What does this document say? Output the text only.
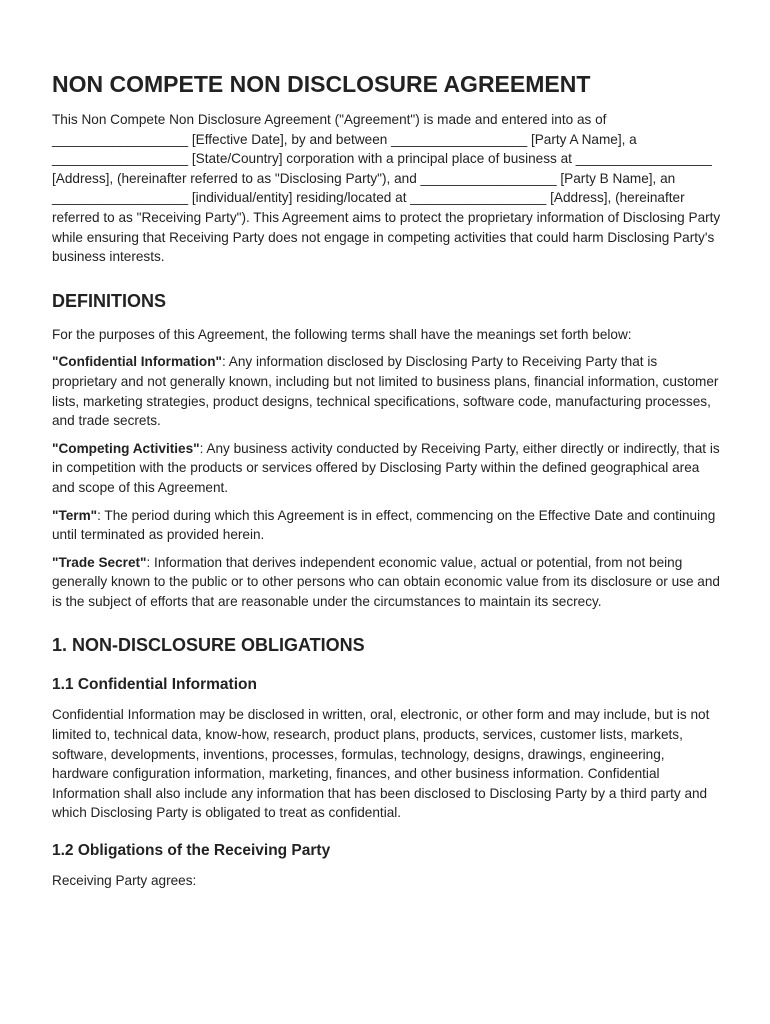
NON COMPETE NON DISCLOSURE AGREEMENT

This Non Compete Non Disclosure Agreement ("Agreement") is made and entered into as of __________________ [Effective Date], by and between __________________ [Party A Name], a __________________ [State/Country] corporation with a principal place of business at __________________ [Address], (hereinafter referred to as "Disclosing Party"), and __________________ [Party B Name], an __________________ [individual/entity] residing/located at __________________ [Address], (hereinafter referred to as "Receiving Party"). This Agreement aims to protect the proprietary information of Disclosing Party while ensuring that Receiving Party does not engage in competing activities that could harm Disclosing Party's business interests.

DEFINITIONS

For the purposes of this Agreement, the following terms shall have the meanings set forth below:

"Confidential Information": Any information disclosed by Disclosing Party to Receiving Party that is proprietary and not generally known, including but not limited to business plans, financial information, customer lists, marketing strategies, product designs, technical specifications, software code, manufacturing processes, and trade secrets.

"Competing Activities": Any business activity conducted by Receiving Party, either directly or indirectly, that is in competition with the products or services offered by Disclosing Party within the defined geographical area and scope of this Agreement.

"Term": The period during which this Agreement is in effect, commencing on the Effective Date and continuing until terminated as provided herein.

"Trade Secret": Information that derives independent economic value, actual or potential, from not being generally known to the public or to other persons who can obtain economic value from its disclosure or use and is the subject of efforts that are reasonable under the circumstances to maintain its secrecy.

1. NON-DISCLOSURE OBLIGATIONS
1.1 Confidential Information

Confidential Information may be disclosed in written, oral, electronic, or other form and may include, but is not limited to, technical data, know-how, research, product plans, products, services, customer lists, markets, software, developments, inventions, processes, formulas, technology, designs, drawings, engineering, hardware configuration information, marketing, finances, and other business information. Confidential Information shall also include any information that has been disclosed to Disclosing Party by a third party and which Disclosing Party is obligated to treat as confidential.

1.2 Obligations of the Receiving Party

Receiving Party agrees:
